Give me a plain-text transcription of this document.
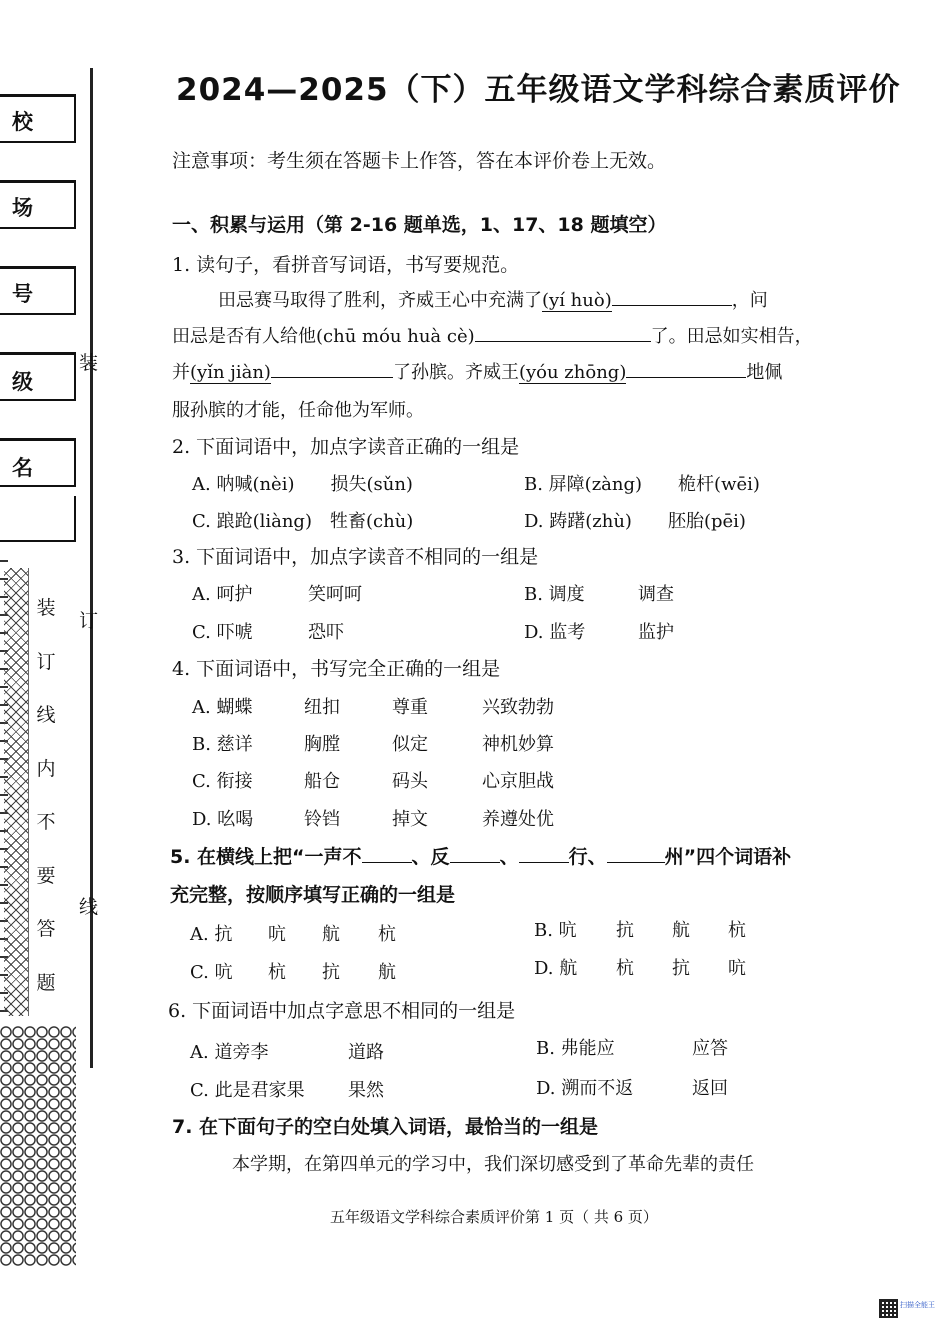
校
场
号
级
名
装
订
线
装
订
线
内
不
要
答
题
2024—2025（下）五年级语文学科综合素质评价
注意事项：考生须在答题卡上作答，答在本评价卷上无效。
一、积累与运用（第 2-16 题单选，1、17、18 题填空）
1. 读句子，看拼音写词语，书写要规范。
田忌赛马取得了胜利，齐威王心中充满了(yí huò)	，问
田忌是否有人给他(chū móu huà cè)	了。田忌如实相告，
并(yǐn jiàn)	了孙膑。齐威王(yóu zhōng)	地佩
服孙膑的才能，任命他为军师。
2. 下面词语中，加点字读音正确的一组是
A. 呐喊(nèi)　　损失(sǔn)	B. 屏障(zàng)　　桅杆(wēi)
C. 踉跄(liàng)　牲畜(chù)	D. 踌躇(zhù)　　胚胎(pēi)
3. 下面词语中，加点字读音不相同的一组是
A. 呵护	笑呵呵	B. 调度	调查
C. 吓唬	恐吓	D. 监考	监护
4. 下面词语中，书写完全正确的一组是
A. 蝴蝶	纽扣	尊重	兴致勃勃
B. 慈详	胸膛	似定	神机妙算
C. 衔接	船仓	码头	心京胆战
D. 吆喝	铃铛	掉文	养遵处优
5. 在横线上把“一声不	、反	、	行、	州”四个词语补
充完整，按顺序填写正确的一组是
A. 抗 吭 航 杭	B. 吭 抗 航 杭
C. 吭 杭 抗 航	D. 航 杭 抗 吭
6. 下面词语中加点字意思不相同的一组是
A. 道旁李	道路	B. 弗能应	应答
C. 此是君家果 果然	D. 溯而不返	返回
7. 在下面句子的空白处填入词语，最恰当的一组是
本学期，在第四单元的学习中，我们深切感受到了革命先辈的责任
五年级语文学科综合素质评价第 1 页（ 共 6 页）
扫描全能王
